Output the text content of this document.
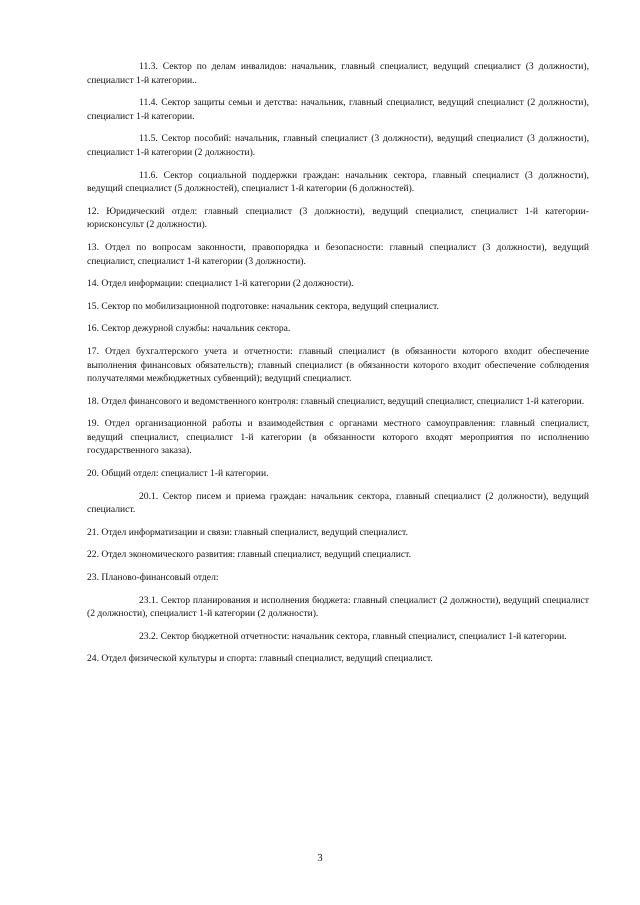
11.3. Сектор по делам инвалидов: начальник, главный специалист, ведущий специалист (3 должности), специалист 1-й категории..

11.4. Сектор защиты семьи и детства: начальник, главный специалист, ведущий специалист (2 должности), специалист 1-й категории.

11.5. Сектор пособий: начальник, главный специалист (3 должности), ведущий специалист (3 должности), специалист 1-й категории (2 должности).

11.6. Сектор социальной поддержки граждан: начальник сектора, главный специалист (3 должности), ведущий специалист (5 должностей), специалист 1-й категории (6 должностей).

12. Юридический отдел: главный специалист (3 должности), ведущий специалист, специалист 1-й категории-юрисконсульт (2 должности).

13. Отдел по вопросам законности, правопорядка и безопасности: главный специалист (3 должности), ведущий специалист, специалист 1-й категории (3 должности).

14. Отдел информации: специалист 1-й категории (2 должности).

15. Сектор по мобилизационной подготовке: начальник сектора, ведущий специалист.

16. Сектор дежурной службы: начальник сектора.

17. Отдел бухгалтерского учета и отчетности: главный специалист (в обязанности которого входит обеспечение выполнения финансовых обязательств); главный специалист (в обязанности которого входит обеспечение соблюдения получателями межбюджетных субвенций); ведущий специалист.

18. Отдел финансового и ведомственного контроля: главный специалист, ведущий специалист, специалист 1-й категории.

19. Отдел организационной работы и взаимодействия с органами местного самоуправления: главный специалист, ведущий специалист, специалист 1-й категории (в обязанности которого входят мероприятия по исполнению государственного заказа).

20. Общий отдел: специалист 1-й категории.

20.1. Сектор писем и приема граждан: начальник сектора, главный специалист (2 должности), ведущий специалист.

21. Отдел информатизации и связи: главный специалист, ведущий специалист.

22. Отдел экономического развития: главный специалист, ведущий специалист.

23. Планово-финансовый отдел:

23.1. Сектор планирования и исполнения бюджета: главный специалист (2 должности), ведущий специалист (2 должности), специалист 1-й категории (2 должности).

23.2. Сектор бюджетной отчетности: начальник сектора, главный специалист, специалист 1-й категории.

24. Отдел физической культуры и спорта: главный специалист, ведущий специалист.

3
